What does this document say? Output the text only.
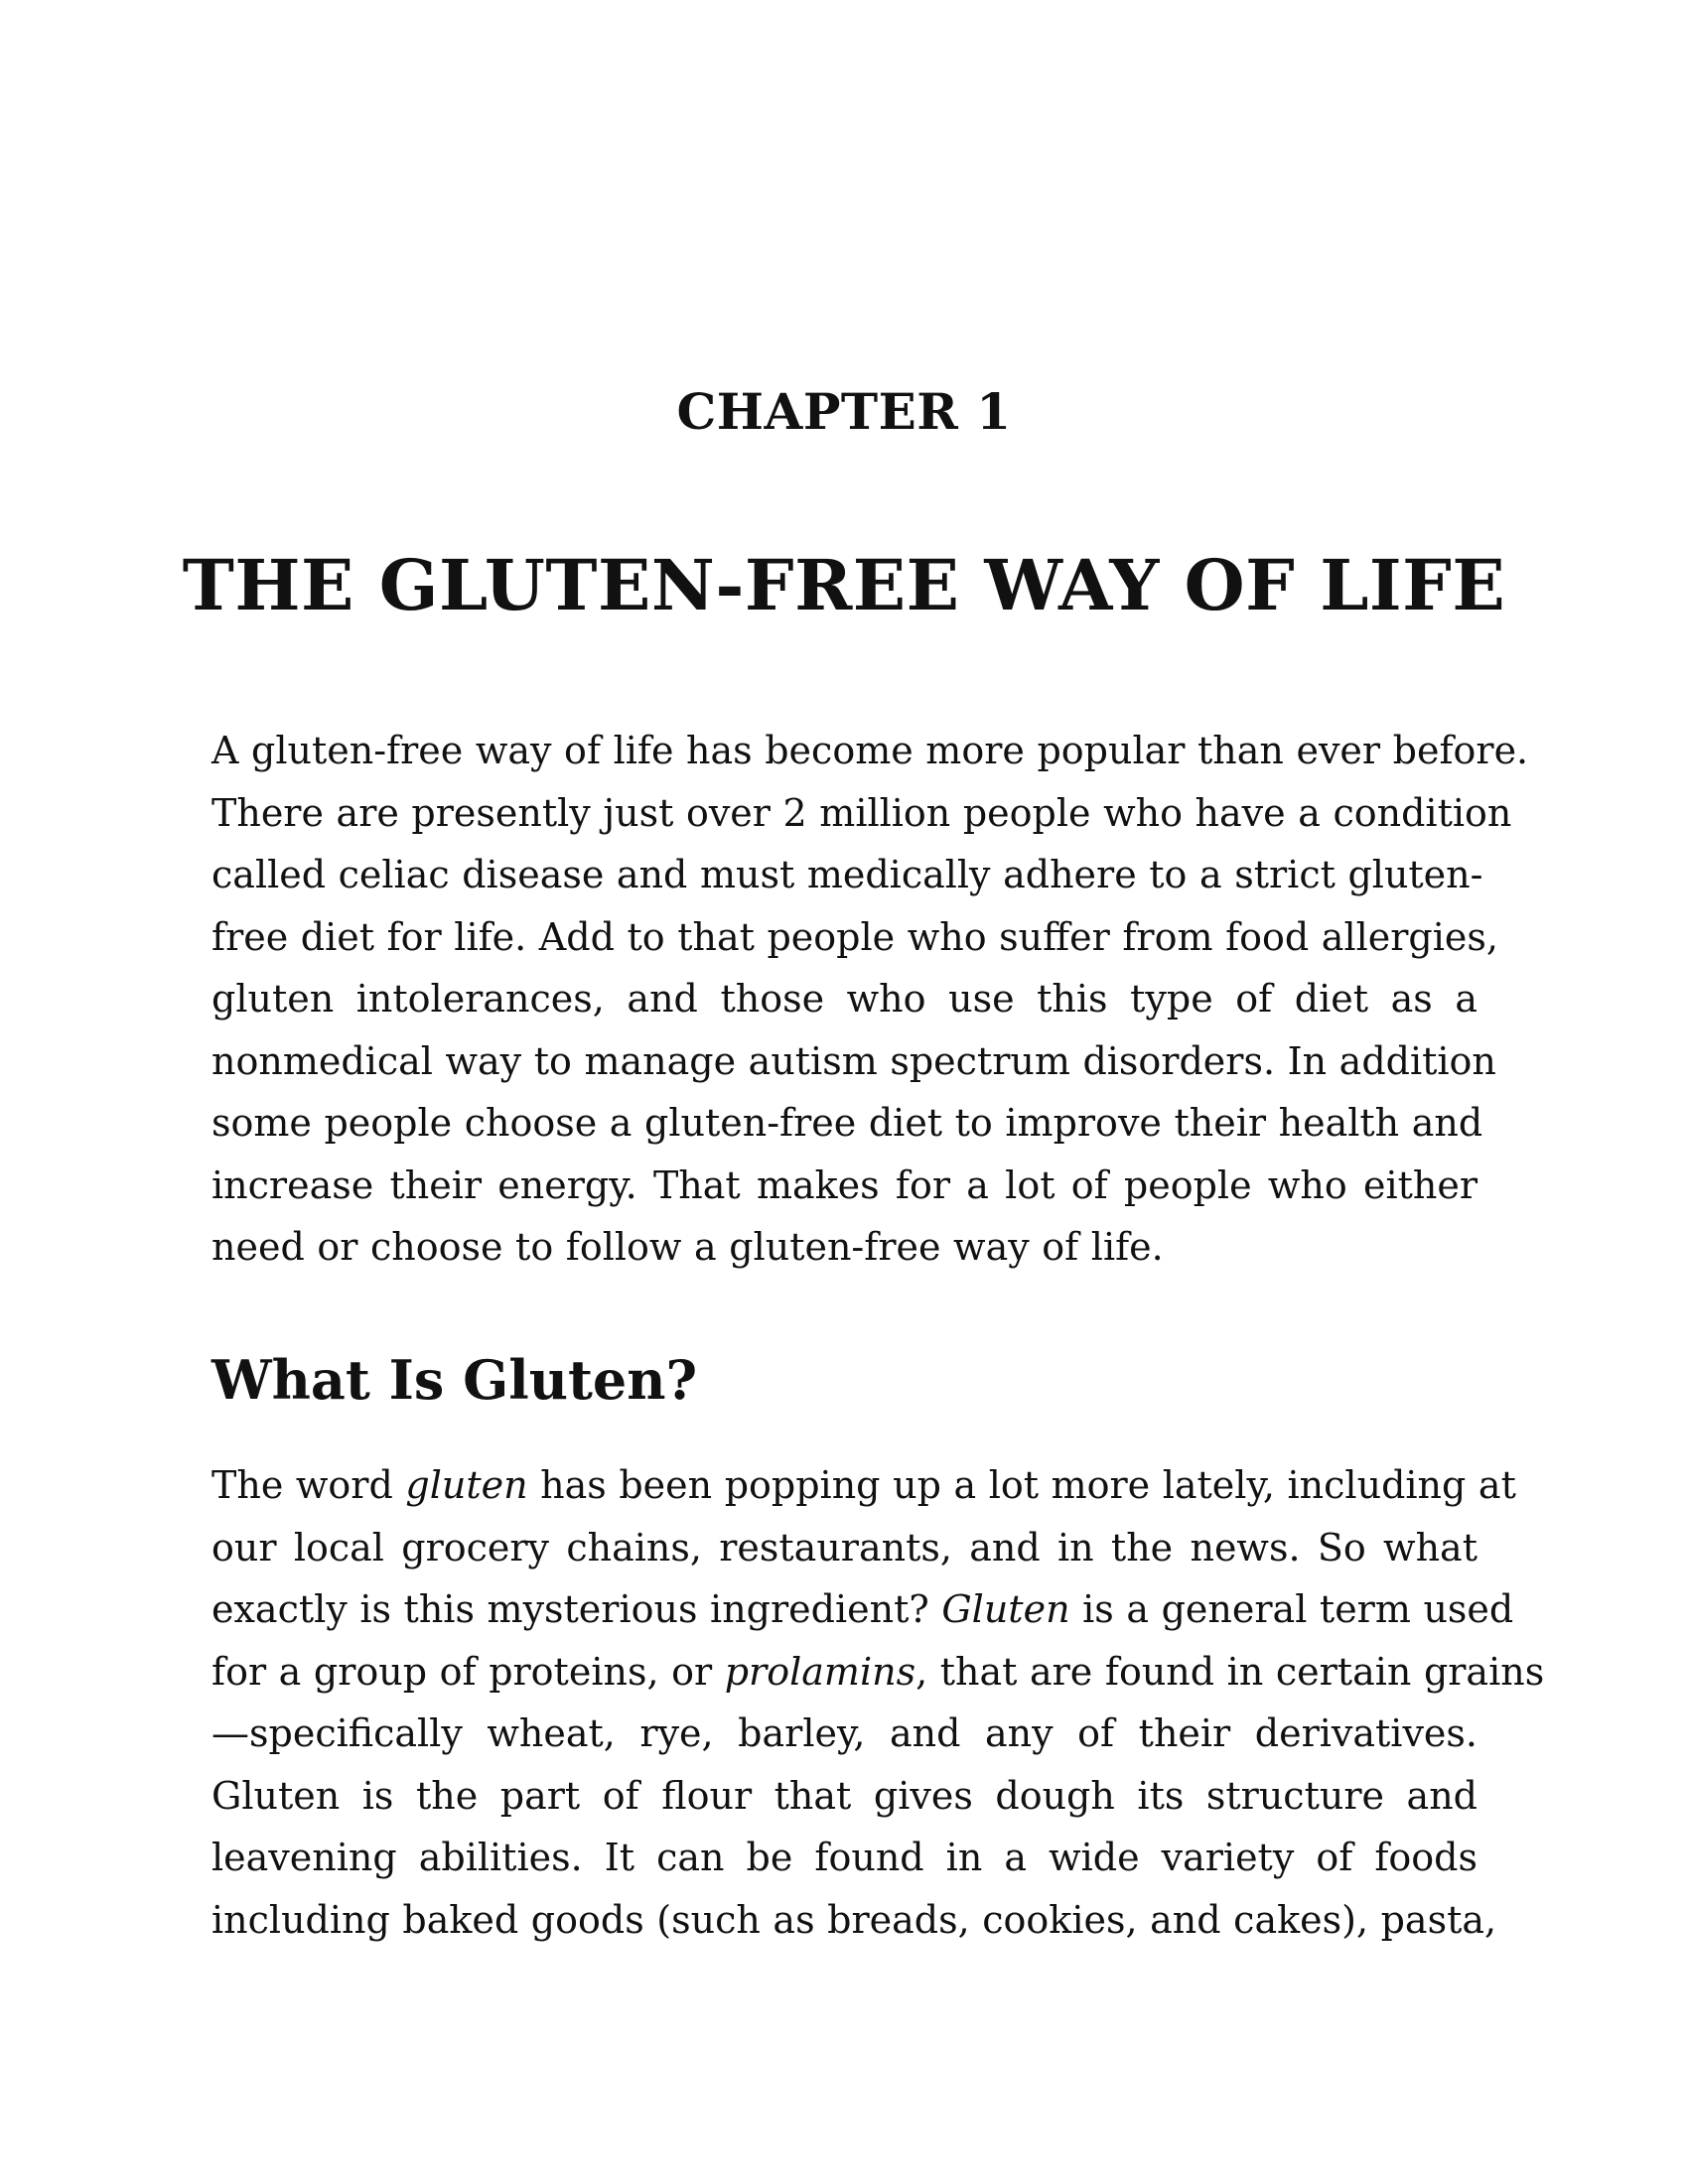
CHAPTER 1
THE GLUTEN-FREE WAY OF LIFE
A gluten-free way of life has become more popular than ever before.
There are presently just over 2 million people who have a condition
called celiac disease and must medically adhere to a strict gluten-
free diet for life. Add to that people who suffer from food allergies,
gluten intolerances, and those who use this type of diet as a
nonmedical way to manage autism spectrum disorders. In addition
some people choose a gluten-free diet to improve their health and
increase their energy. That makes for a lot of people who either
need or choose to follow a gluten-free way of life.
What Is Gluten?
The word gluten has been popping up a lot more lately, including at
our local grocery chains, restaurants, and in the news. So what
exactly is this mysterious ingredient? Gluten is a general term used
for a group of proteins, or prolamins, that are found in certain grains
—specifically wheat, rye, barley, and any of their derivatives.
Gluten is the part of flour that gives dough its structure and
leavening abilities. It can be found in a wide variety of foods
including baked goods (such as breads, cookies, and cakes), pasta,
